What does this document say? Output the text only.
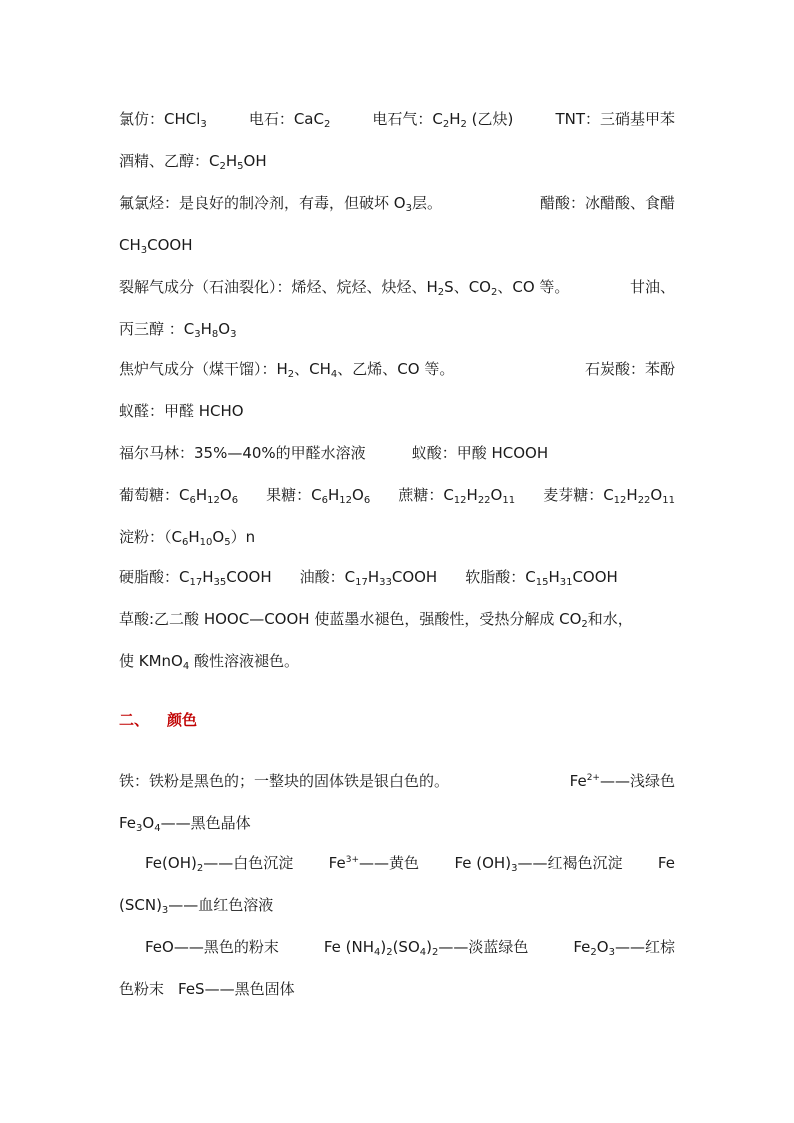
氯仿：CHCl$_3$	电石：CaC$_2$	电石气：$C_2H_2$ (乙炔)	TNT：三硝基甲苯
酒精、乙醇：$C_2H_5OH$
氟氯烃：是良好的制冷剂，有毒，但破坏 $O_3$层。	醋酸：冰醋酸、食醋
$CH_3COOH$
裂解气成分（石油裂化）：烯烃、烷烃、炔烃、$H_2S$、$CO_2$、CO 等。	甘油、
丙三醇 ：$C_3H_8O_3$
焦炉气成分（煤干馏）：$H_2$、$CH_4$、乙烯、CO 等。	石炭酸：苯酚
蚁醛：甲醛 HCHO
福尔马林：35%—40%的甲醛水溶液	蚁酸：甲酸 HCOOH
葡萄糖：$C_6H_{12}O_6$ 果糖：$C_6H_{12}O_6$ 蔗糖：$C_{12}H_{22}O_{11}$ 麦芽糖：$C_{12}H_{22}O_{11}$
淀粉：$(C_6H_{10}O_5)n$
硬脂酸：$C_{17}H_{35}COOH$ 油酸：$C_{17}H_{33}COOH$ 软脂酸：$C_{15}H_{31}COOH$
草酸:乙二酸 HOOC—COOH 使蓝墨水褪色，强酸性，受热分解成 $CO_2$和水，
使 KMnO$_4$ 酸性溶液褪色。
二、 颜色
铁：铁粉是黑色的；一整块的固体铁是银白色的。	$Fe^{2+}——$浅绿色
$Fe_3O_4——$黑色晶体
$Fe(OH)_2——$白色沉淀 $Fe^{3+}——$黄色 Fe $(OH)_3——$红褐色沉淀 Fe
$(SCN)_3——$血红色溶液
FeO——黑色的粉末	Fe $(NH_4)_2(SO_4)_2——$淡蓝绿色	$Fe_2O_3——$红棕
色粉末 FeS——黑色固体
